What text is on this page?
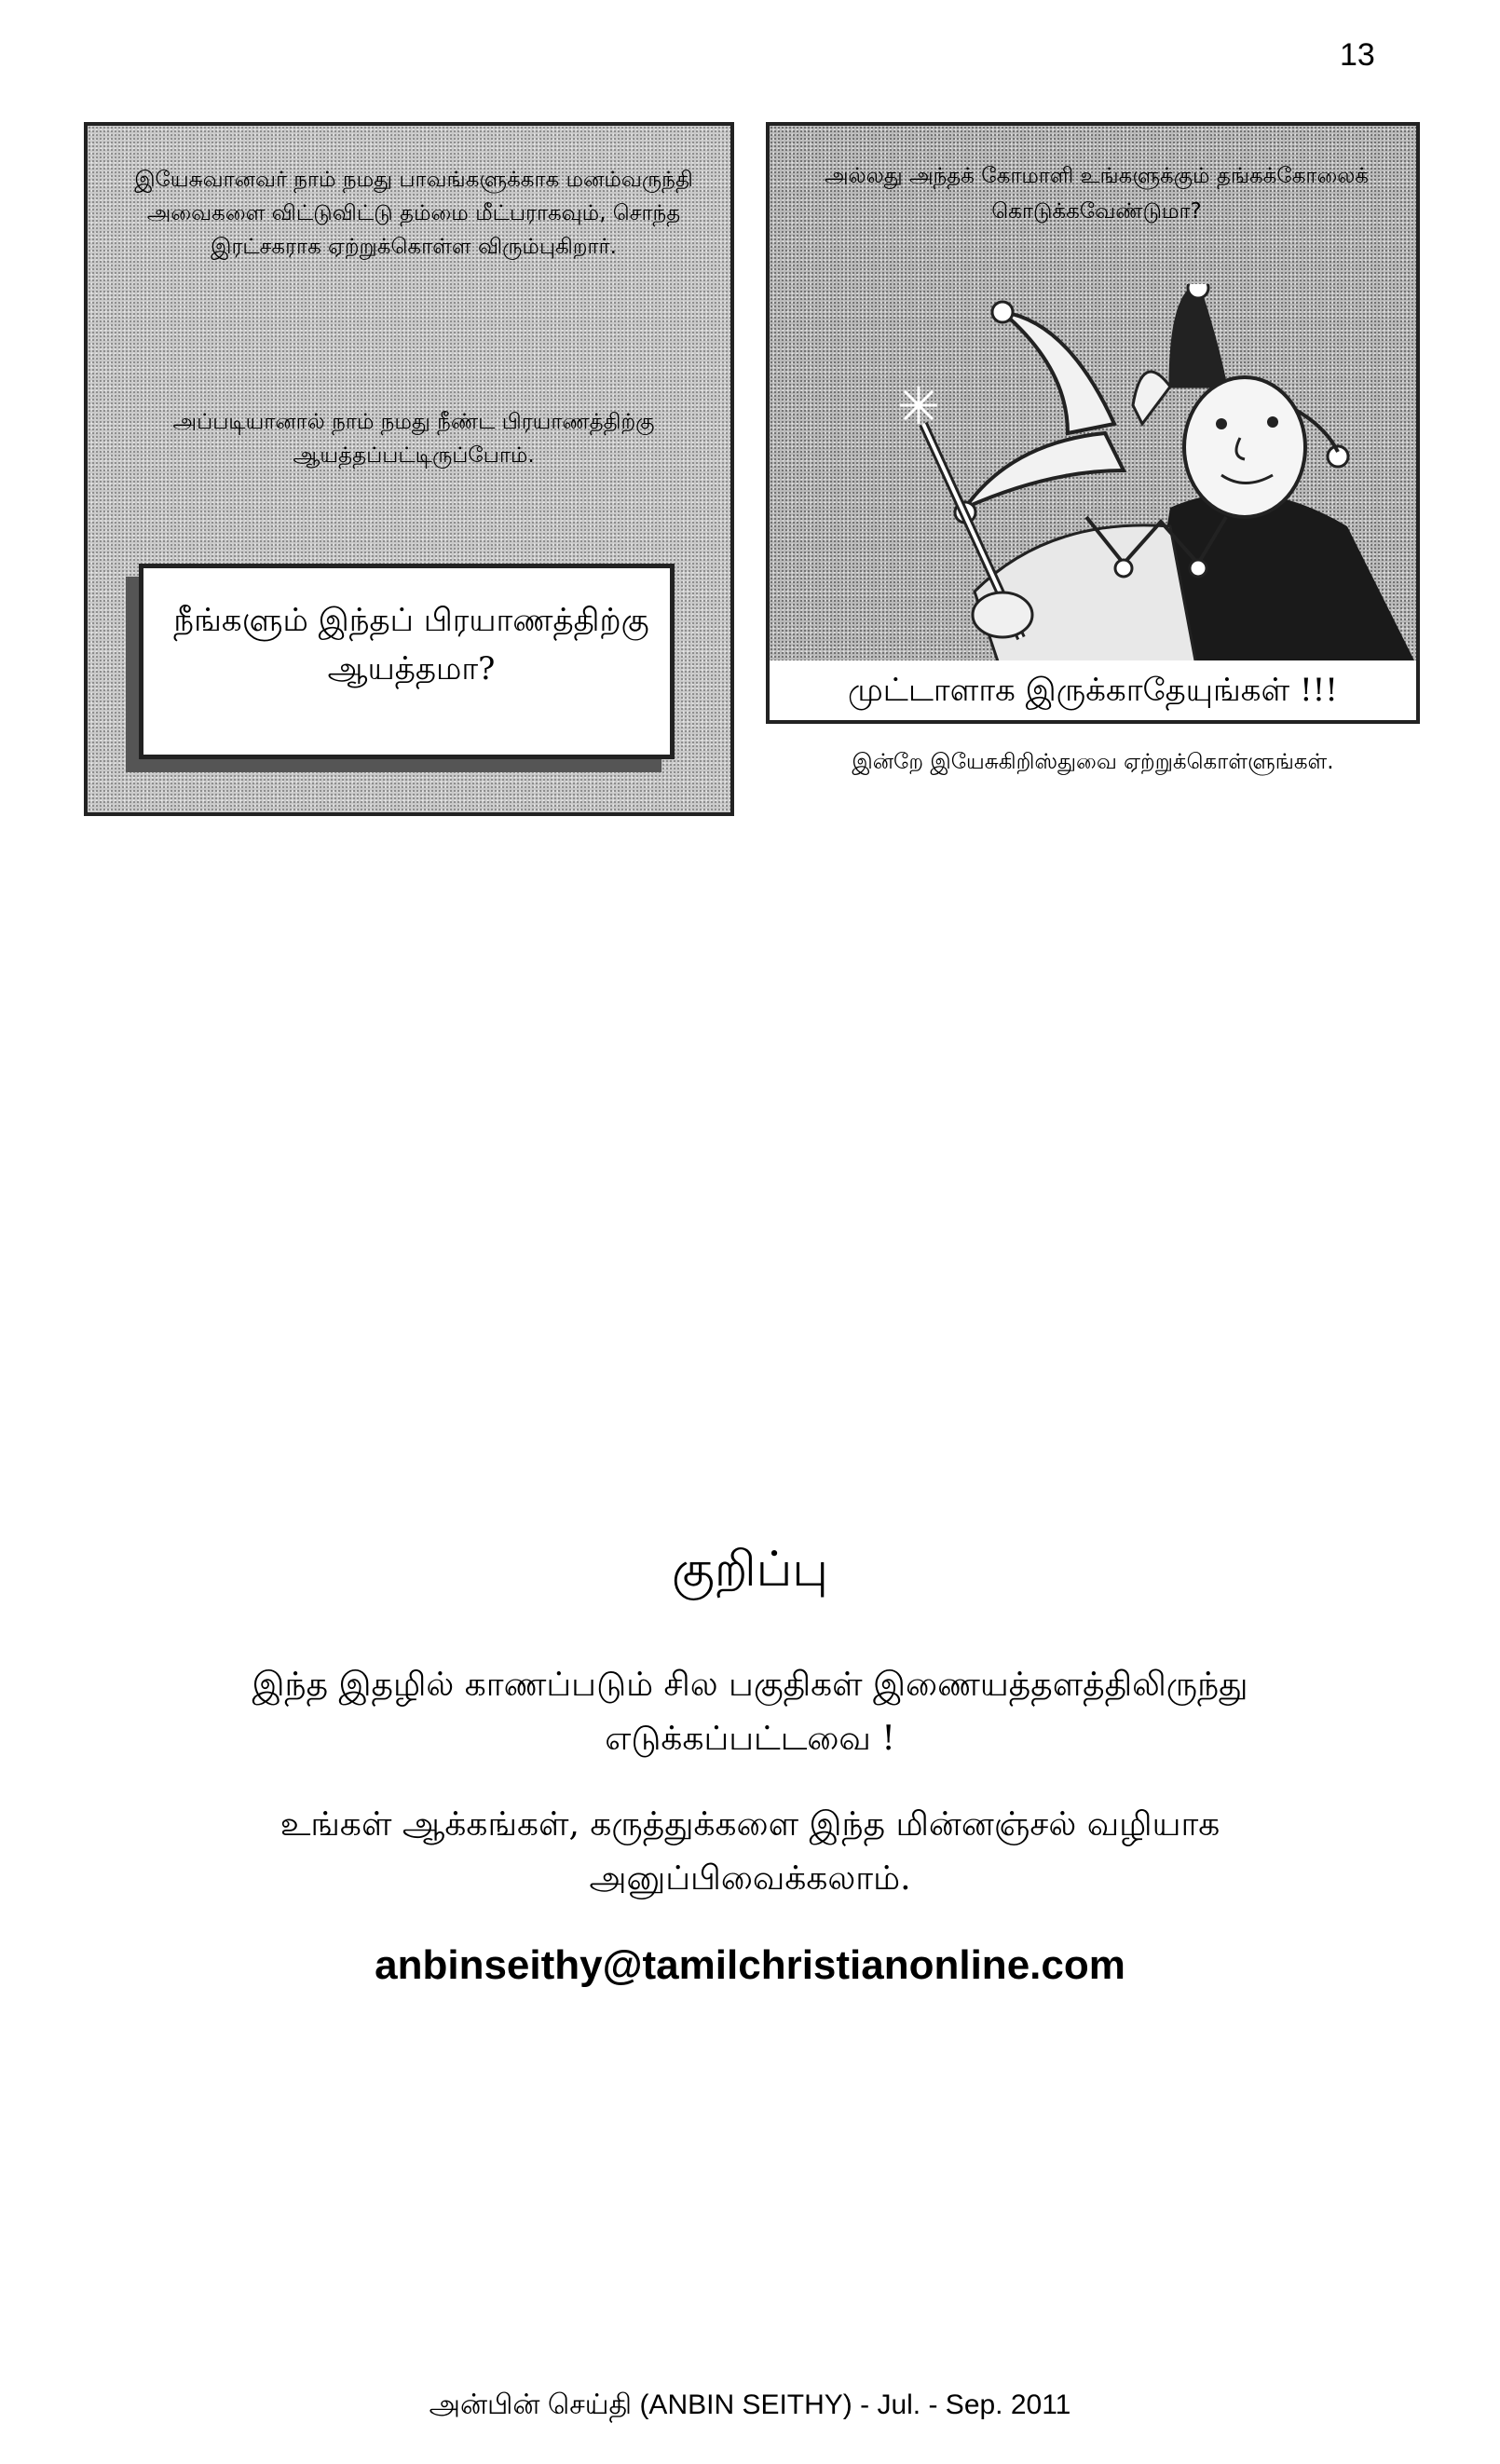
13
இயேசுவானவர் நாம் நமது பாவங்களுக்காக மனம்வருந்தி அவைகளை விட்டுவிட்டு தம்மை மீட்பராகவும், சொந்த இரட்சகராக ஏற்றுக்கொள்ள விரும்புகிறார்.
அப்படியானால் நாம் நமது நீண்ட பிரயாணத்திற்கு ஆயத்தப்பட்டிருப்போம்.
நீங்களும் இந்தப் பிரயாணத்திற்கு ஆயத்தமா?
அல்லது அந்தக் கோமாளி உங்களுக்கும் தங்கக்கோலைக் கொடுக்கவேண்டுமா?
முட்டாளாக இருக்காதேயுங்கள் !!!
இன்றே இயேசுகிறிஸ்துவை ஏற்றுக்கொள்ளுங்கள்.
குறிப்பு
இந்த இதழில் காணப்படும் சில பகுதிகள் இணையத்தளத்திலிருந்து எடுக்கப்பட்டவை !
உங்கள் ஆக்கங்கள், கருத்துக்களை இந்த மின்னஞ்சல் வழியாக அனுப்பிவைக்கலாம்.
anbinseithy@tamilchristianonline.com
அன்பின் செய்தி (ANBIN SEITHY) - Jul. - Sep. 2011
